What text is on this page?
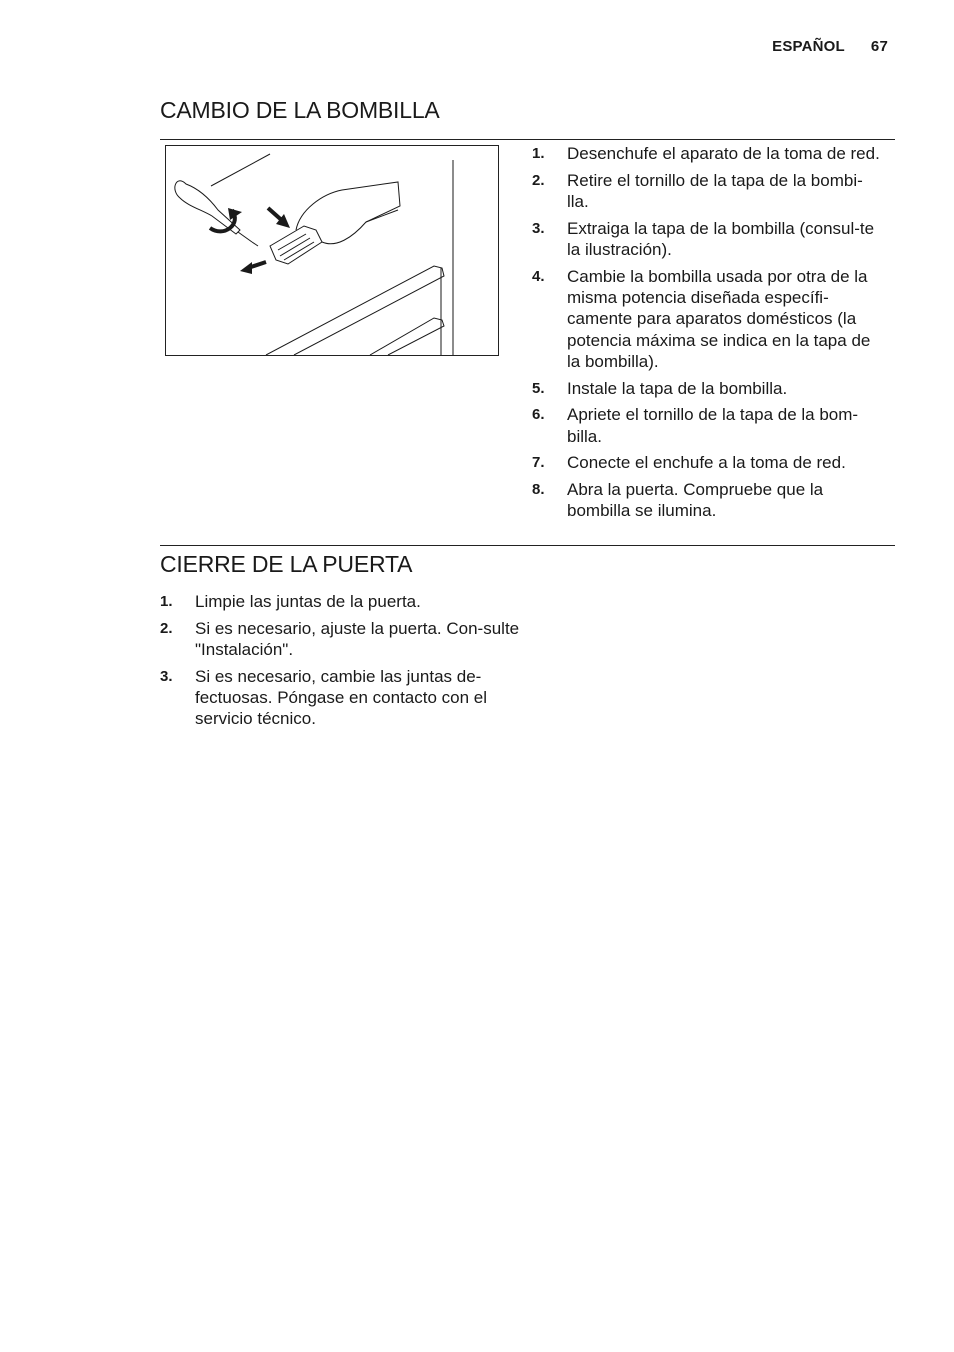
ESPAÑOL 67
CAMBIO DE LA BOMBILLA
1. Desenchufe el aparato de la toma de red.
2. Retire el tornillo de la tapa de la bombi-lla.
3. Extraiga la tapa de la bombilla (consul-te la ilustración).
4. Cambie la bombilla usada por otra de la misma potencia diseñada específi-camente para aparatos domésticos (la potencia máxima se indica en la tapa de la bombilla).
5. Instale la tapa de la bombilla.
6. Apriete el tornillo de la tapa de la bom-billa.
7. Conecte el enchufe a la toma de red.
8. Abra la puerta. Compruebe que la bombilla se ilumina.
CIERRE DE LA PUERTA
1. Limpie las juntas de la puerta.
2. Si es necesario, ajuste la puerta. Con-sulte "Instalación".
3. Si es necesario, cambie las juntas de-fectuosas. Póngase en contacto con el servicio técnico.
